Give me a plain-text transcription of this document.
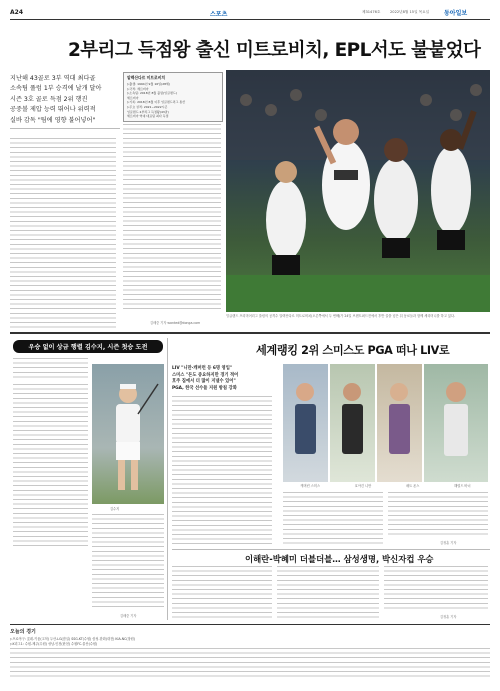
A24	스포츠	제31476호	2022년8월 15일 목요일 동아일보
2부리그 득점왕 출신 미트로비치, EPL서도 불붙었다
지난해 43골로 3부 역대 최다골
소속팀 풀럼 1부 승격에 날개 달아
시즌 3호 골로 득점 2위 행진
공중볼 제압 능력 뛰어나 위력적
실바 감독 "팀에 영향 불어넣어"
김배중 기자 wanted@donga.com
알렉산다르 미트로비치
▷출생: 1994년 9월 16일(28세)
▷국적: 세르비아
▷소속팀: 2018년 8월 풀럼(잉글랜드)
세르비아
▷기록: 2018년 8월 이후 잉글랜드리그 통산
▷주요 성적: 2021~2022시즌
잉글랜드 2부리그 득점왕(43골)
세르비아 역대 대표팀 최다 득점
잉글랜드 프리미어리그 풀럼의 공격수 알렉산다르 미트로비치(오른쪽에서 두 번째)가 24일 브렌트퍼드전에서 후반 골을 넣은 뒤 동료들과 함께 세리머니를 하고 있다.
우승 없이 상금 행렬 김수지, 시즌 첫승 도전
김수지
김배중 기자
세계랭킹 2위 스미스도 PGA 떠나 LIV로
LIV "니만·캐머런 등 6명 영입"
스미스 "돈도 중요하지만 경기 적어
호주 집에서 더 많이 지낼수 있어"
PGA, 한국 선수들 지원 방침 강화
캐머런 스미스	호아킨 니만	매트 존스	해럴드 바너
김정훈 기자
이해란-박혜미 더블더블… 삼성생명, 박신자컵 우승
김정훈 기자
오늘의 경기
▷프로야구: 롯데-키움(고척) 두산-LG(잠실) SSG-KT(수원) 삼성-한화(대전) KIA-NC(창원)
▷K리그1: 수원-제주(수원) 성남-인천(탄천) 수원FC-울산(수원)
